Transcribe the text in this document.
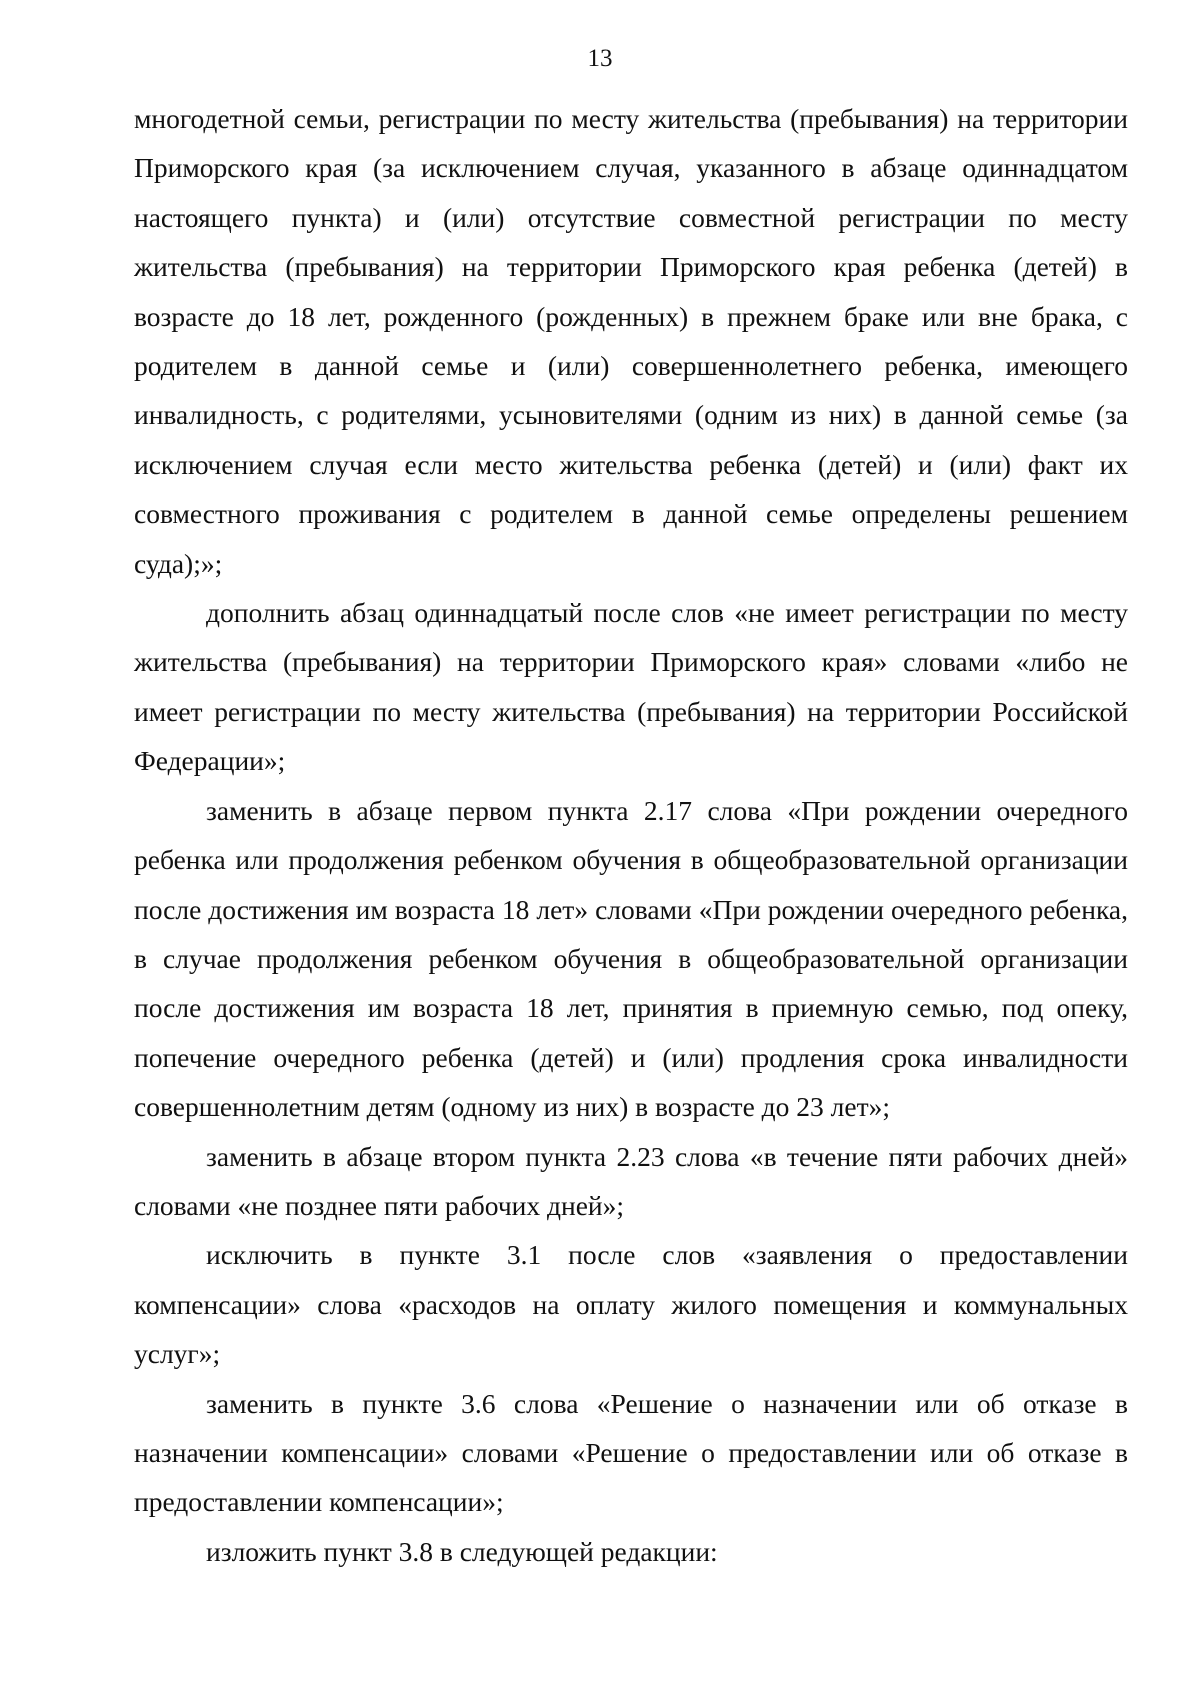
13

многодетной семьи, регистрации по месту жительства (пребывания) на территории Приморского края (за исключением случая, указанного в абзаце одиннадцатом настоящего пункта) и (или) отсутствие совместной регистрации по месту жительства (пребывания) на территории Приморского края ребенка (детей) в возрасте до 18 лет, рожденного (рожденных) в прежнем браке или вне брака, с родителем в данной семье и (или) совершеннолетнего ребенка, имеющего инвалидность, с родителями, усыновителями (одним из них) в данной семье (за исключением случая если место жительства ребенка (детей) и (или) факт их совместного проживания с родителем в данной семье определены решением суда);»;

дополнить абзац одиннадцатый после слов «не имеет регистрации по месту жительства (пребывания) на территории Приморского края» словами «либо не имеет регистрации по месту жительства (пребывания) на территории Российской Федерации»;

заменить в абзаце первом пункта 2.17 слова «При рождении очередного ребенка или продолжения ребенком обучения в общеобразовательной организации после достижения им возраста 18 лет» словами «При рождении очередного ребенка, в случае продолжения ребенком обучения в общеобразовательной организации после достижения им возраста 18 лет, принятия в приемную семью, под опеку, попечение очередного ребенка (детей) и (или) продления срока инвалидности совершеннолетним детям (одному из них) в возрасте до 23 лет»;

заменить в абзаце втором пункта 2.23 слова «в течение пяти рабочих дней» словами «не позднее пяти рабочих дней»;

исключить в пункте 3.1 после слов «заявления о предоставлении компенсации» слова «расходов на оплату жилого помещения и коммунальных услуг»;

заменить в пункте 3.6 слова «Решение о назначении или об отказе в назначении компенсации» словами «Решение о предоставлении или об отказе в предоставлении компенсации»;

изложить пункт 3.8 в следующей редакции:
